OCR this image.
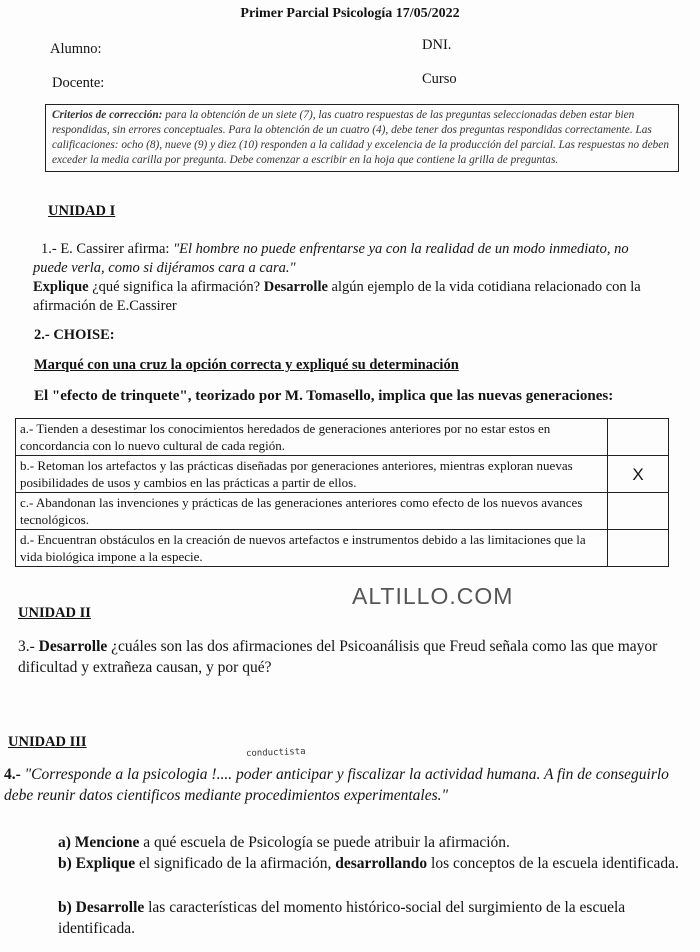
Primer Parcial Psicología 17/05/2022
Alumno:	DNI.
Docente:	Curso
Criterios de corrección: para la obtención de un siete (7), las cuatro respuestas de las preguntas seleccionadas deben estar bien respondidas, sin errores conceptuales. Para la obtención de un cuatro (4), debe tener dos preguntas respondidas correctamente. Las calificaciones: ocho (8), nueve (9) y diez (10) responden a la calidad y excelencia de la producción del parcial. Las respuestas no deben exceder la media carilla por pregunta. Debe comenzar a escribir en la hoja que contiene la grilla de preguntas.
UNIDAD I
1.- E. Cassirer afirma: "El hombre no puede enfrentarse ya con la realidad de un modo inmediato, no puede verla, como si dijéramos cara a cara."
Explique ¿qué significa la afirmación? Desarrolle algún ejemplo de la vida cotidiana relacionado con la afirmación de E.Cassirer
2.- CHOISE:
Marqué con una cruz la opción correcta y expliqué su determinación
El "efecto de trinquete", teorizado por M. Tomasello, implica que las nuevas generaciones:
a.- Tienden a desestimar los conocimientos heredados de generaciones anteriores por no estar estos en concordancia con lo nuevo cultural de cada región.	
b.- Retoman los artefactos y las prácticas diseñadas por generaciones anteriores, mientras exploran nuevas posibilidades de usos y cambios en las prácticas a partir de ellos.	X
c.- Abandonan las invenciones y prácticas de las generaciones anteriores como efecto de los nuevos avances tecnológicos.	
d.- Encuentran obstáculos en la creación de nuevos artefactos e instrumentos debido a las limitaciones que la vida biológica impone a la especie.	
ALTILLO.COM
UNIDAD II
3.- Desarrolle ¿cuáles son las dos afirmaciones del Psicoanálisis que Freud señala como las que mayor dificultad y extrañeza causan, y por qué?
UNIDAD III
conductista
4.- "Corresponde a la psicologia !.... poder anticipar y fiscalizar la actividad humana. A fin de conseguirlo debe reunir datos cientificos mediante procedimientos experimentales."
a) Mencione a qué escuela de Psicología se puede atribuir la afirmación.
b) Explique el significado de la afirmación, desarrollando los conceptos de la escuela identificada.
b) Desarrolle las características del momento histórico-social del surgimiento de la escuela identificada.
